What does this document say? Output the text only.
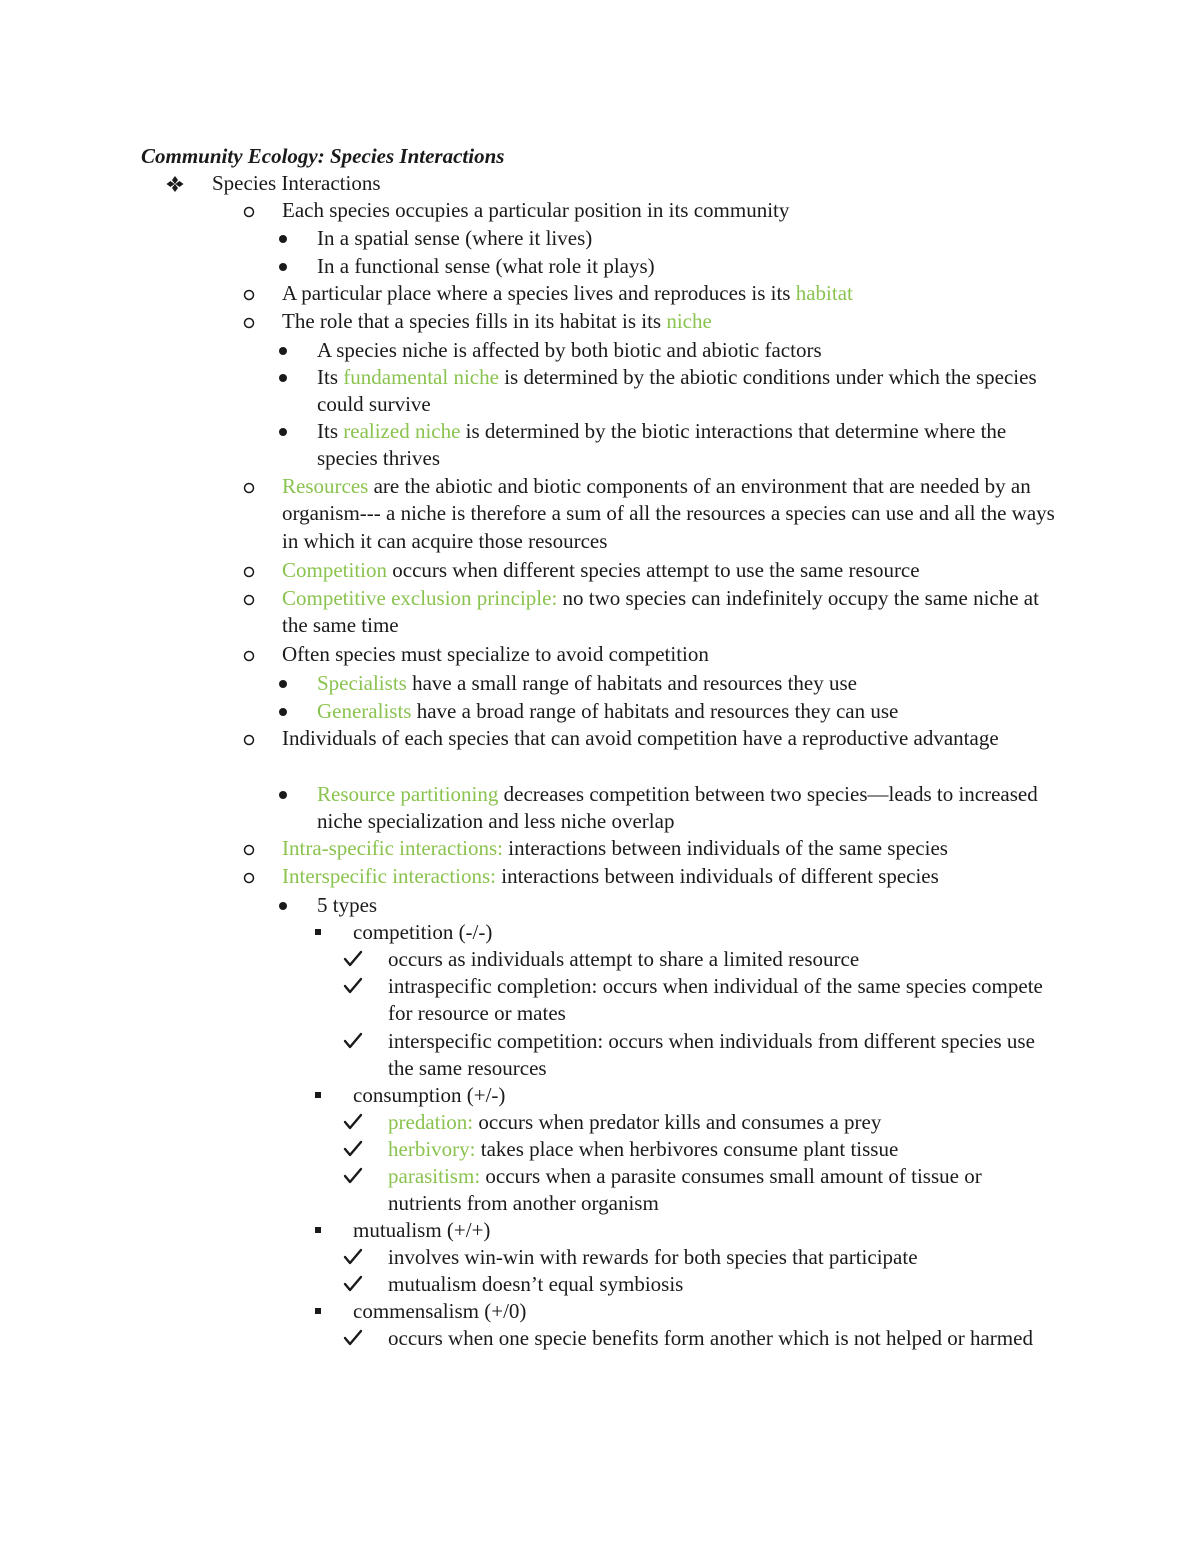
Community Ecology: Species Interactions
Species Interactions
Each species occupies a particular position in its community
In a spatial sense (where it lives)
In a functional sense (what role it plays)
A particular place where a species lives and reproduces is its habitat
The role that a species fills in its habitat is its niche
A species niche is affected by both biotic and abiotic factors
Its fundamental niche is determined by the abiotic conditions under which the species could survive
Its realized niche is determined by the biotic interactions that determine where the species thrives
Resources are the abiotic and biotic components of an environment that are needed by an organism--- a niche is therefore a sum of all the resources a species can use and all the ways in which it can acquire those resources
Competition occurs when different species attempt to use the same resource
Competitive exclusion principle: no two species can indefinitely occupy the same niche at the same time
Often species must specialize to avoid competition
Specialists have a small range of habitats and resources they use
Generalists have a broad range of habitats and resources they can use
Individuals of each species that can avoid competition have a reproductive advantage
Resource partitioning decreases competition between two species—leads to increased niche specialization and less niche overlap
Intra-specific interactions: interactions between individuals of the same species
Interspecific interactions: interactions between individuals of different species
5 types
competition (-/-)
occurs as individuals attempt to share a limited resource
intraspecific completion: occurs when individual of the same species compete for resource or mates
interspecific competition: occurs when individuals from different species use the same resources
consumption (+/-)
predation: occurs when predator kills and consumes a prey
herbivory: takes place when herbivores consume plant tissue
parasitism: occurs when a parasite consumes small amount of tissue or nutrients from another organism
mutualism (+/+)
involves win-win with rewards for both species that participate
mutualism doesn’t equal symbiosis
commensalism (+/0)
occurs when one specie benefits form another which is not helped or harmed
